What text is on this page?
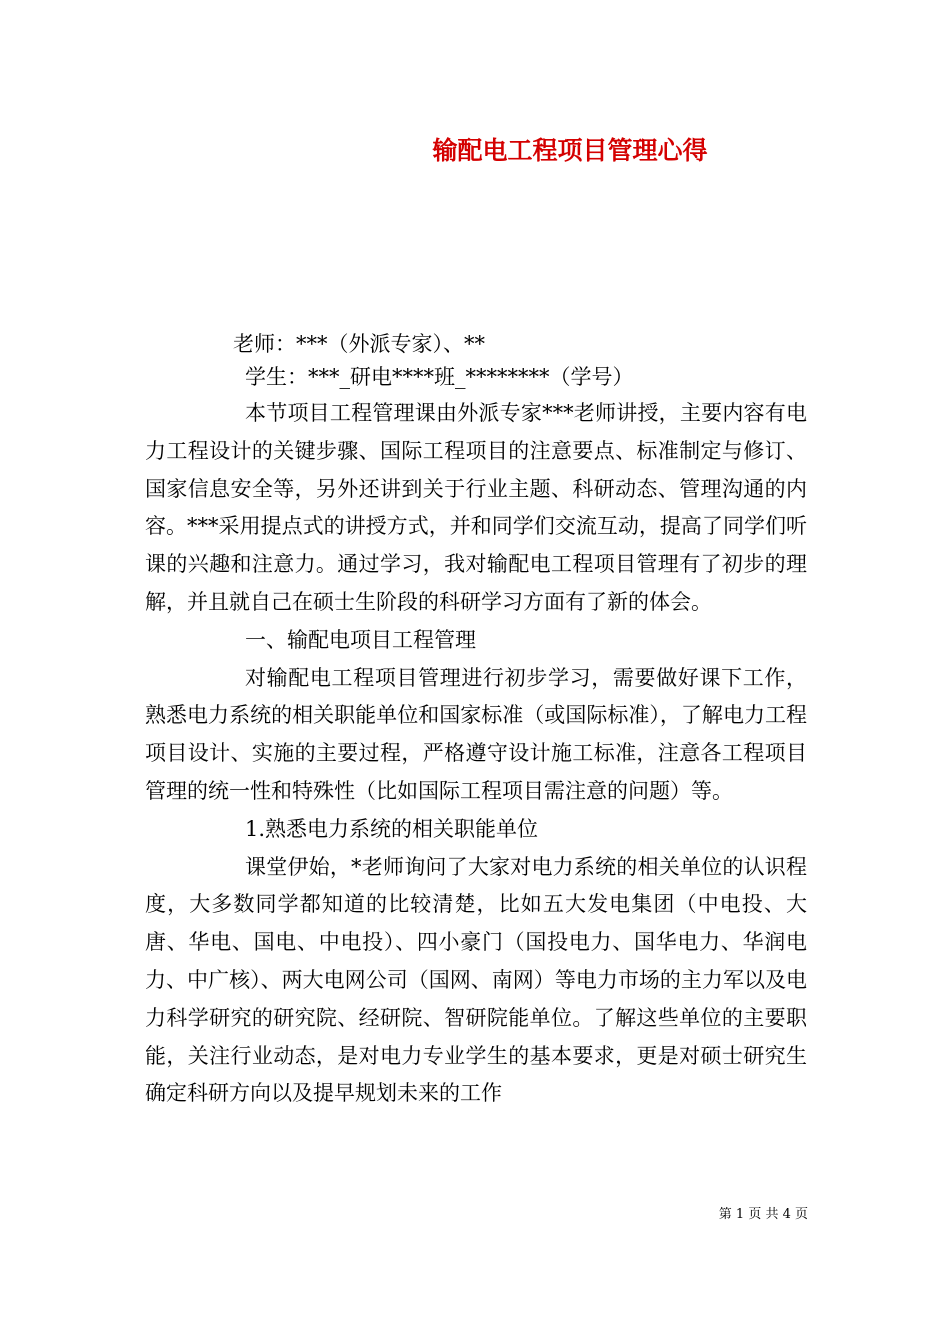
输配电工程项目管理心得
老师：***（外派专家）、**
学生：***_研电****班_********（学号）

本节项目工程管理课由外派专家***老师讲授，主要内容有电力工程设计的关键步骤、国际工程项目的注意要点、标准制定与修订、国家信息安全等，另外还讲到关于行业主题、科研动态、管理沟通的内容。***采用提点式的讲授方式，并和同学们交流互动，提高了同学们听课的兴趣和注意力。通过学习，我对输配电工程项目管理有了初步的理解，并且就自己在硕士生阶段的科研学习方面有了新的体会。

一、输配电项目工程管理

对输配电工程项目管理进行初步学习，需要做好课下工作，熟悉电力系统的相关职能单位和国家标准（或国际标准），了解电力工程项目设计、实施的主要过程，严格遵守设计施工标准，注意各工程项目管理的统一性和特殊性（比如国际工程项目需注意的问题）等。

1.熟悉电力系统的相关职能单位

课堂伊始，*老师询问了大家对电力系统的相关单位的认识程度，大多数同学都知道的比较清楚，比如五大发电集团（中电投、大唐、华电、国电、中电投）、四小豪门（国投电力、国华电力、华润电力、中广核）、两大电网公司（国网、南网）等电力市场的主力军以及电力科学研究的研究院、经研院、智研院能单位。了解这些单位的主要职能，关注行业动态，是对电力专业学生的基本要求，更是对硕士研究生确定科研方向以及提早规划未来的工作

第 1 页 共 4 页
